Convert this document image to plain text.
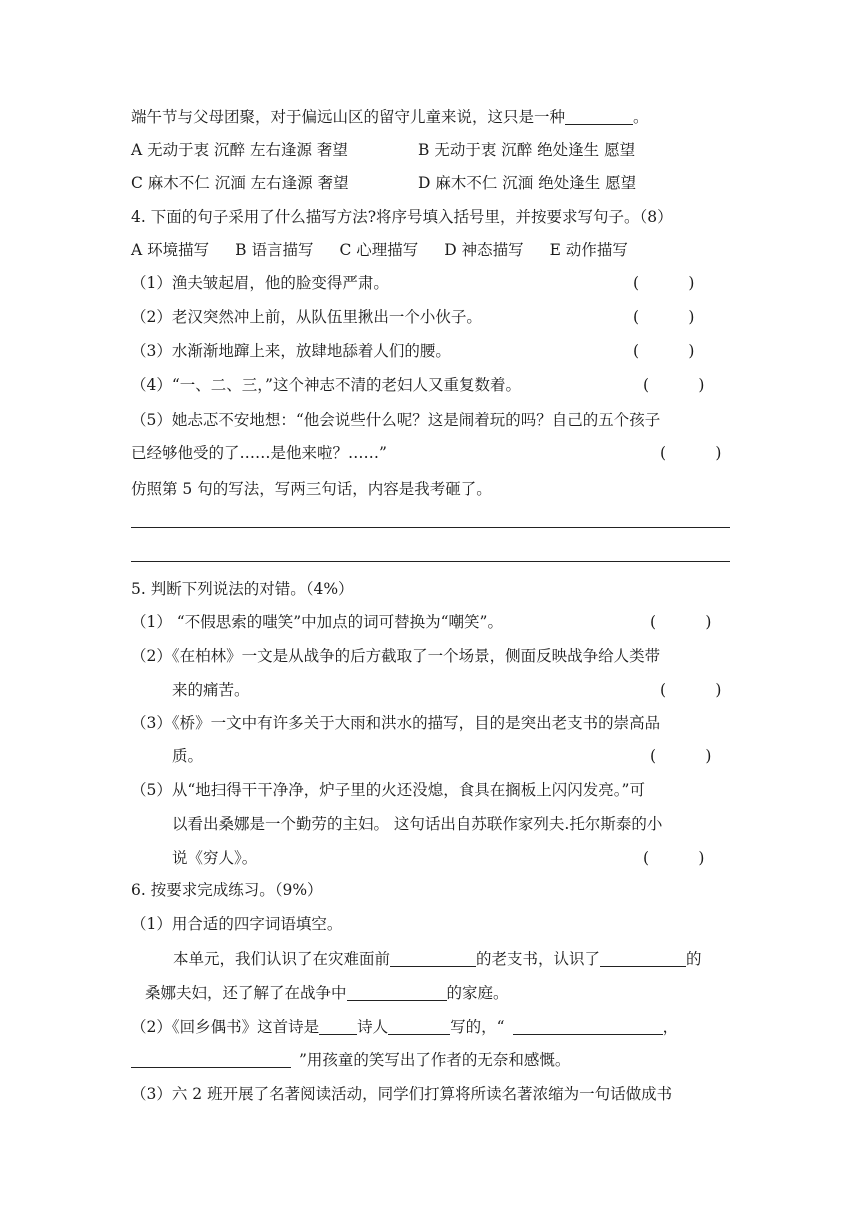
端午节与父母团聚，对于偏远山区的留守儿童来说，这只是一种	。
A 无动于衷 沉醉 左右逢源 奢望	B 无动于衷 沉醉 绝处逢生 愿望
C 麻木不仁 沉湎 左右逢源 奢望	D 麻木不仁 沉湎 绝处逢生 愿望
4. 下面的句子采用了什么描写方法?将序号填入括号里，并按要求写句子。（8）
A 环境描写 B 语言描写 C 心理描写 D 神态描写 E 动作描写
（1）渔夫皱起眉，他的脸变得严肃。	(          )
（2）老汉突然冲上前，从队伍里揪出一个小伙子。	(          )
（3）水渐渐地蹿上来，放肆地舔着人们的腰。	(          )
（4）“一、二、三，”这个神志不清的老妇人又重复数着。	(          )
（5）她忐忑不安地想：“他会说些什么呢？这是闹着玩的吗？自己的五个孩子
已经够他受的了……是他来啦？……”	(          )
仿照第 5 句的写法，写两三句话，内容是我考砸了。
5. 判断下列说法的对错。（4%）
（1） “不假思索的嗤笑”中加点的词可替换为“嘲笑”。	(          )
（2）《在柏林》一文是从战争的后方截取了一个场景，侧面反映战争给人类带
来的痛苦。	(          )
（3）《桥》一文中有许多关于大雨和洪水的描写，目的是突出老支书的崇高品
质。	(          )
（5）从“地扫得干干净净，炉子里的火还没熄，食具在搁板上闪闪发亮。”可
以看出桑娜是一个勤劳的主妇。 这句话出自苏联作家列夫.托尔斯泰的小
说《穷人》。	(          )
6. 按要求完成练习。（9%）
（1）用合适的四字词语填空。
本单元，我们认识了在灾难面前	的老支书，认识了	的
桑娜夫妇，还了解了在战争中	的家庭。
（2）《回乡偶书》这首诗是 诗人	写的，“	，
”用孩童的笑写出了作者的无奈和感慨。
（3）六 2 班开展了名著阅读活动，同学们打算将所读名著浓缩为一句话做成书
